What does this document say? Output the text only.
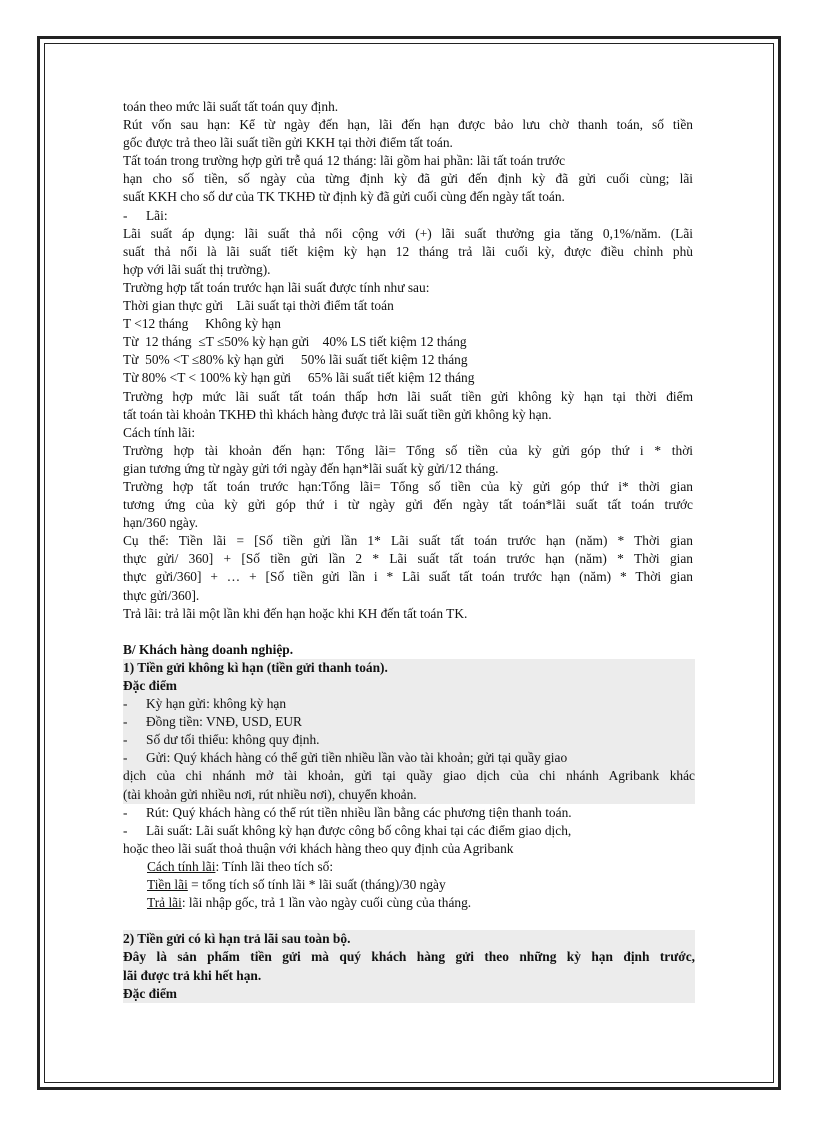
toán theo mức lãi suất tất toán quy định.
Rút vốn sau hạn: Kể từ ngày đến hạn, lãi đến hạn được bảo lưu chờ thanh toán, số tiền
gốc được trả theo lãi suất tiền gửi KKH tại thời điểm tất toán.
Tất toán trong trường hợp gửi trễ quá 12 tháng: lãi gồm hai phần: lãi tất toán trước
hạn cho số tiền, số ngày của từng định kỳ đã gửi đến định kỳ đã gửi cuối cùng; lãi
suất KKH cho số dư của TK TKHĐ từ định kỳ đã gửi cuối cùng đến ngày tất toán.
- Lãi:
Lãi suất áp dụng: lãi suất thả nổi cộng với (+) lãi suất thưởng gia tăng 0,1%/năm. (Lãi
suất thả nổi là lãi suất tiết kiệm kỳ hạn 12 tháng trả lãi cuối kỳ, được điều chỉnh phù
hợp với lãi suất thị trường).
Trường hợp tất toán trước hạn lãi suất được tính như sau:
Thời gian thực gửi    Lãi suất tại thời điểm tất toán
T <12 tháng     Không kỳ hạn
Từ  12 tháng  ≤T ≤50% kỳ hạn gửi    40% LS tiết kiệm 12 tháng
Từ  50% <T ≤80% kỳ hạn gửi     50% lãi suất tiết kiệm 12 tháng
Từ 80% <T < 100% kỳ hạn gửi     65% lãi suất tiết kiệm 12 tháng
Trường hợp mức lãi suất tất toán thấp hơn lãi suất tiền gửi không kỳ hạn tại thời điểm
tất toán tài khoản TKHĐ thì khách hàng được trả lãi suất tiền gửi không kỳ hạn.
Cách tính lãi:
Trường hợp tài khoản đến hạn: Tổng lãi= Tổng số tiền của kỳ gửi góp thứ i * thời
gian tương ứng từ ngày gửi tới ngày đến hạn*lãi suất kỳ gửi/12 tháng.
Trường hợp tất toán trước hạn:Tổng lãi= Tổng số tiền của kỳ gửi góp thứ i* thời gian
tương ứng của kỳ gửi góp thứ i từ ngày gửi đến ngày tất toán*lãi suất tất toán trước
hạn/360 ngày.
Cụ thể: Tiền lãi = [Số tiền gửi lần 1* Lãi suất tất toán trước hạn (năm) * Thời gian
thực gửi/ 360] + [Số tiền gửi lần 2 * Lãi suất tất toán trước hạn (năm) * Thời gian
thực gửi/360] + … + [Số tiền gửi lần i * Lãi suất tất toán trước hạn (năm) * Thời gian
thực gửi/360].
Trả lãi: trả lãi một lần khi đến hạn hoặc khi KH đến tất toán TK.
B/ Khách hàng doanh nghiệp.
1) Tiền gửi không kì hạn (tiền gửi thanh toán).
Đặc điểm
- Kỳ hạn gửi: không kỳ hạn
- Đồng tiền: VNĐ, USD, EUR
- Số dư tối thiểu: không quy định.
- Gửi: Quý khách hàng có thể gửi tiền nhiều lần vào tài khoản; gửi tại quầy giao
dịch của chi nhánh mở tài khoản, gửi tại quầy giao dịch của chi nhánh Agribank khác
(tài khoản gửi nhiều nơi, rút nhiều nơi), chuyển khoản.
- Rút: Quý khách hàng có thể rút tiền nhiều lần bằng các phương tiện thanh toán.
- Lãi suất: Lãi suất không kỳ hạn được công bố công khai tại các điểm giao dịch,
hoặc theo lãi suất thoả thuận với khách hàng theo quy định của Agribank
Cách tính lãi: Tính lãi theo tích số:
Tiền lãi = tổng tích số tính lãi * lãi suất (tháng)/30 ngày
Trả lãi: lãi nhập gốc, trả 1 lần vào ngày cuối cùng của tháng.
2) Tiền gửi có kì hạn trả lãi sau toàn bộ.
Đây là sản phẩm tiền gửi mà quý khách hàng gửi theo những kỳ hạn định trước,
lãi được trả khi hết hạn.
Đặc điểm
